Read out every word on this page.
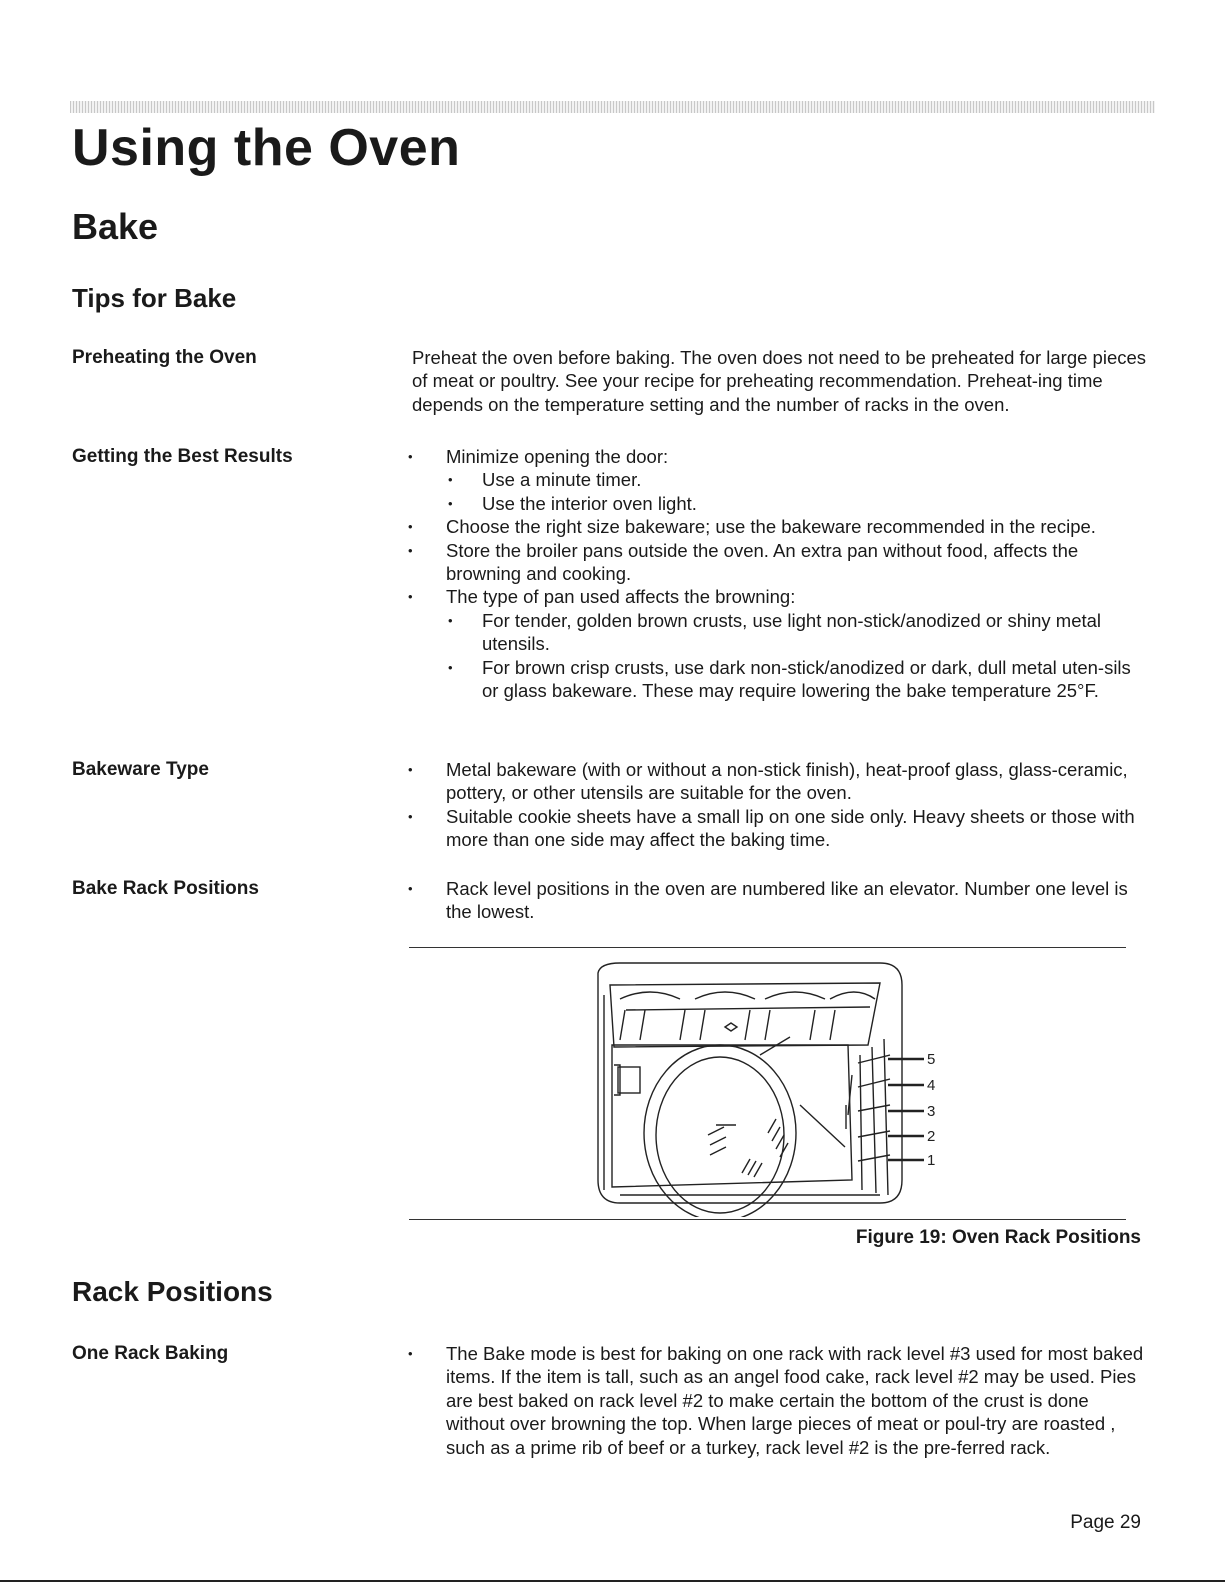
Using the Oven
Bake
Tips for Bake

Preheating the Oven	Preheat the oven before baking. The oven does not need to be preheated for large pieces of meat or poultry. See your recipe for preheating recommendation. Preheat-ing time depends on the temperature setting and the number of racks in the oven.

Getting the Best Results	• Minimize opening the door:
• Use a minute timer.
• Use the interior oven light.
• Choose the right size bakeware; use the bakeware recommended in the recipe.
• Store the broiler pans outside the oven. An extra pan without food, affects the browning and cooking.
• The type of pan used affects the browning:
• For tender, golden brown crusts, use light non-stick/anodized or shiny metal utensils.
• For brown crisp crusts, use dark non-stick/anodized or dark, dull metal uten-sils or glass bakeware. These may require lowering the bake temperature 25°F.

Bakeware Type	• Metal bakeware (with or without a non-stick finish), heat-proof glass, glass-ceramic, pottery, or other utensils are suitable for the oven.
• Suitable cookie sheets have a small lip on one side only. Heavy sheets or those with more than one side may affect the baking time.

Bake Rack Positions	• Rack level positions in the oven are numbered like an elevator. Number one level is the lowest.
5
4
3
2
1

Figure 19: Oven Rack Positions

Rack Positions

One Rack Baking	• The Bake mode is best for baking on one rack with rack level #3 used for most baked items. If the item is tall, such as an angel food cake, rack level #2 may be used. Pies are best baked on rack level #2 to make certain the bottom of the crust is done without over browning the top. When large pieces of meat or poul-try are roasted , such as a prime rib of beef or a turkey, rack level #2 is the pre-ferred rack.

Page 29
